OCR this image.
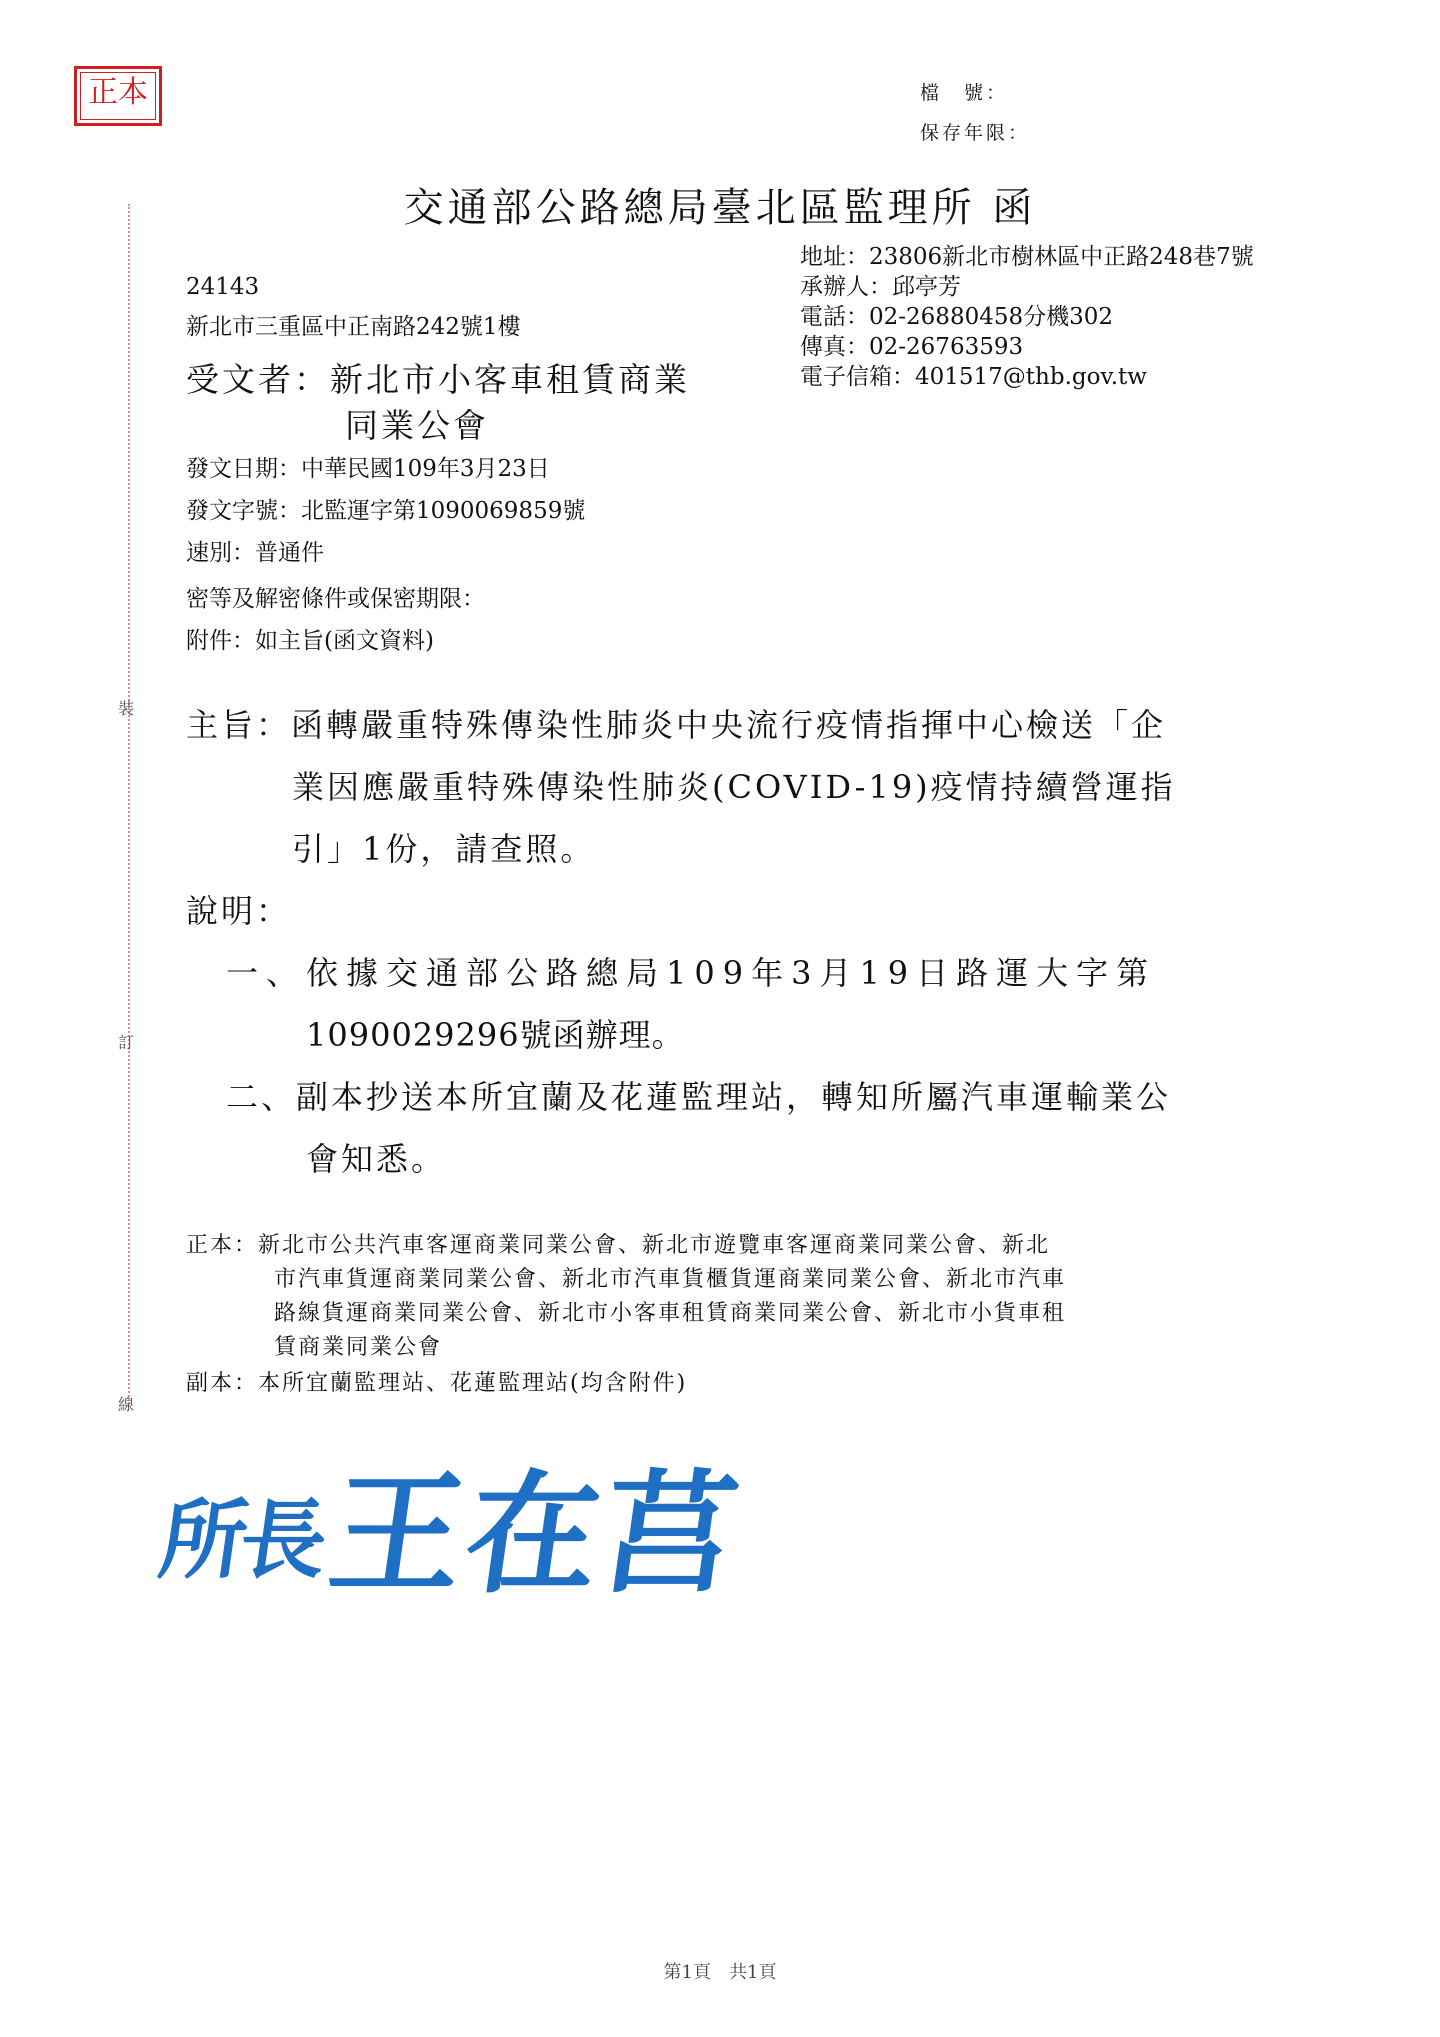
正本	檔　號：
保存年限：
交通部公路總局臺北區監理所 函
裝
訂
線
地址：23806新北市樹林區中正路248巷7號
承辦人：邱亭芳
電話：02-26880458分機302
傳真：02-26763593
電子信箱：401517@thb.gov.tw
24143
新北市三重區中正南路242號1樓
受文者：新北市小客車租賃商業
同業公會
發文日期：中華民國109年3月23日
發文字號：北監運字第1090069859號
速別：普通件
密等及解密條件或保密期限：
附件：如主旨(函文資料)
主旨：函轉嚴重特殊傳染性肺炎中央流行疫情指揮中心檢送「企
業因應嚴重特殊傳染性肺炎(COVID-19)疫情持續營運指
引」1份，請查照。
說明：
一、依據交通部公路總局109年3月19日路運大字第
1090029296號函辦理。
二、副本抄送本所宜蘭及花蓮監理站，轉知所屬汽車運輸業公
會知悉。
正本：新北市公共汽車客運商業同業公會、新北市遊覽車客運商業同業公會、新北
市汽車貨運商業同業公會、新北市汽車貨櫃貨運商業同業公會、新北市汽車
路線貨運商業同業公會、新北市小客車租賃商業同業公會、新北市小貨車租
賃商業同業公會
副本：本所宜蘭監理站、花蓮監理站(均含附件)
所長
王在莒
第1頁　共1頁
